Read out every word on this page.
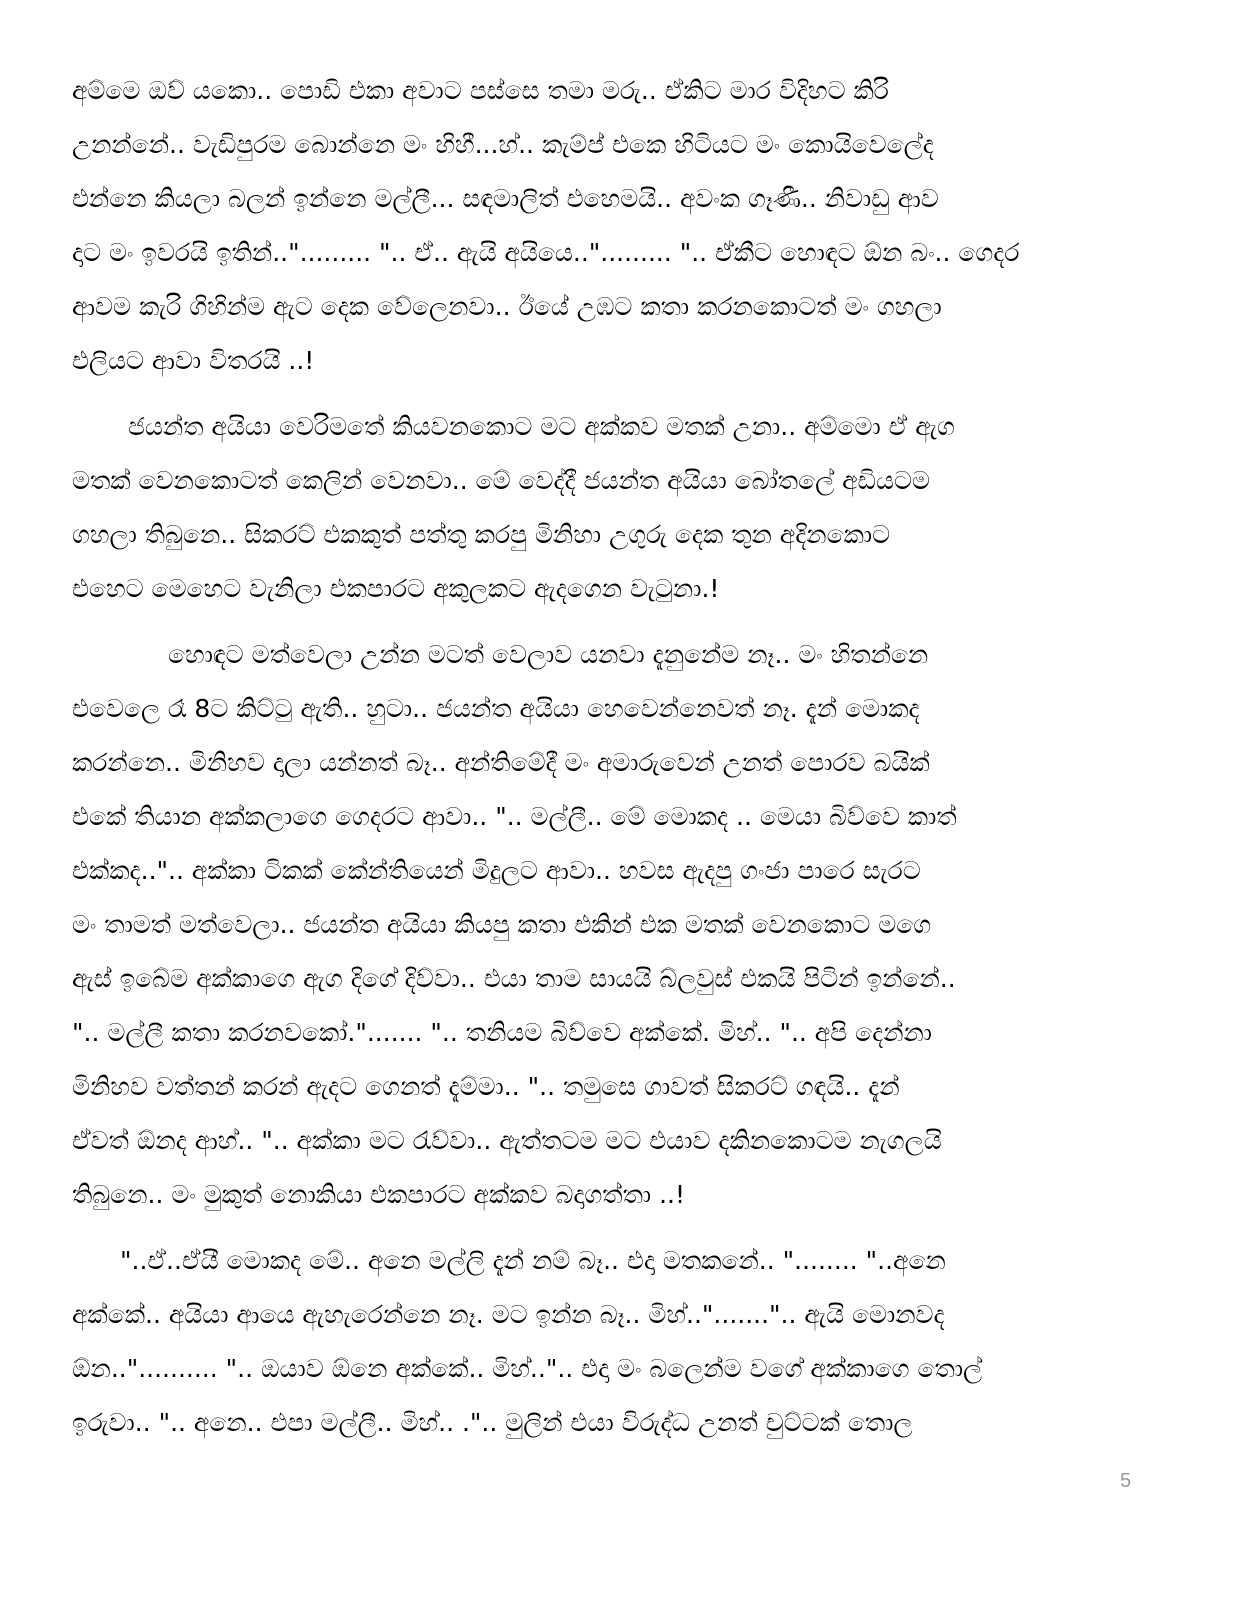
අම්මෙ ඔව් යකො.. පොඩි එකා අවාට පස්සෙ තමා මරු.. ඒකිට මාර විදිහට කිරි
උනන්නේ.. වැඩිපුරම බොන්නෙ මං හිහී...හ්.. කැම්ප් එකෙ හිටියට මං කොයිවෙලේද
එන්නෙ කියලා බලන් ඉන්නෙ මල්ලී... සඳමාලිත් එහෙමයි.. අවංක ගෑණී.. නිවාඩු ආව
දාට මං ඉවරයි ඉතින්.."......... ".. ඒ.. ඇයි අයියෙ.."......... ".. ඒකීට හොඳට ඕන බං.. ගෙදර
ආවම කැරි ගිහින්ම ඇට දෙක වේලෙනවා.. ඊයේ උඹට කතා කරනකොටත් මං ගහලා
එලියට ආවා විතරයි ..!

ජයන්ත අයියා වෙරිමතේ කියවනකොට මට අක්කව මතක් උනා.. අම්මො ඒ ඇග
මතක් වෙනකොටත් කෙලින් වෙනවා.. මේ වෙද්දී ජයන්ත අයියා බෝතලේ අඩියටම
ගහලා තිබුනෙ.. සිකරට් එකකුත් පත්තු කරපු මිනිහා උගුරු දෙක තුන අදිනකොට
එහෙට මෙහෙට වැනිලා එකපාරට අකුලකට ඇදගෙන වැටුනා.!

හොඳට මත්වෙලා උන්න මටත් වෙලාව යනවා දැනුනේම නෑ.. මං හිතන්නෙ
එවෙලෙ රෑ 8ට කිට්ටු ඇති.. හුටා.. ජයන්ත අයියා හෙවෙන්නෙවත් නෑ. දැන් මොකද
කරන්නෙ.. මිනිහව දාලා යන්නත් බෑ.. අන්තිමේදී මං අමාරුවෙන් උනත් පොරව බයික්
එකේ තියාන අක්කලාගෙ ගෙදරට ආවා.. ".. මල්ලී.. මේ මොකද .. මෙයා බිව්වෙ කාත්
එක්කද..".. අක්කා ටිකක් කේන්තියෙන් මිදුලට ආවා.. හවස ඇදපු ගංජා පාරෙ සැරට
මං තාමත් මත්වෙලා.. ජයන්ත අයියා කියපු කතා එකින් එක මතක් වෙනකොට මගෙ
ඇස් ඉබේම අක්කාගෙ ඇග දිගේ දිව්වා.. එයා තාම සායයි බ්ලවුස් එකයි පිටින් ඉන්නේ..
".. මල්ලී කතා කරනවකෝ."....... ".. තනියම බිව්වෙ අක්කේ. මිහ්.. ".. අපි දෙන්නා
මිනිහව වත්තන් කරන් ඇදට ගෙනත් දැම්මා.. ".. තමුසෙ ගාවත් සිකරට් ගඳයි.. දැන්
ඒවත් ඕනද ආහ්.. ".. අක්කා මට රැව්වා.. ඇත්තටම මට එයාව දකිනකොටම නැගලයි
තිබුනෙ.. මං මුකුත් නොකියා එකපාරට අක්කව බදාගත්තා ..!

"..ඒ..ඒයී මොකද මේ.. අනෙ මල්ලි දැන් නම් බෑ.. එදා මතකනේ.. "........ "..අනෙ
අක්කේ.. අයියා ආයෙ ඇහැරෙන්නෙ නෑ. මට ඉන්න බෑ.. මිහ්..".......".. ඇයි මොනවද
ඕන..".......... ".. ඔයාව ඕනෙ අක්කේ.. මිහ්..".. එදා මං බලෙන්ම වගේ අක්කාගෙ තොල්
ඉරුවා.. ".. අනෙ.. එපා මල්ලී.. මිහ්.. .".. මුලින් එයා විරුද්ධ උනත් චුට්ටක් තොල

5
